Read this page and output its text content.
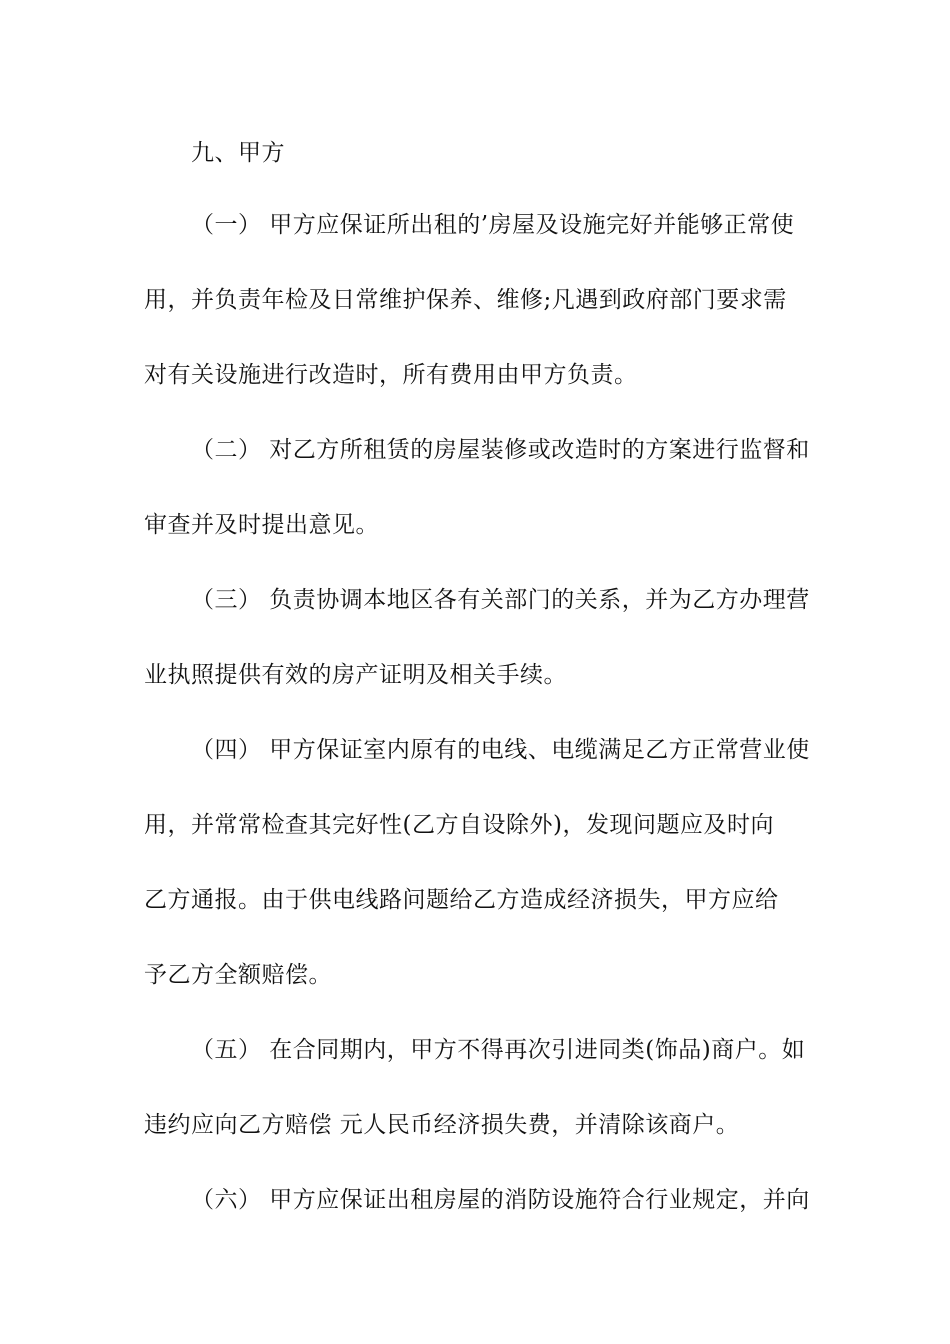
九、甲方
（一） 甲方应保证所出租的’房屋及设施完好并能够正常使
用，并负责年检及日常维护保养、维修;凡遇到政府部门要求需
对有关设施进行改造时，所有费用由甲方负责。
（二） 对乙方所租赁的房屋装修或改造时的方案进行监督和
审查并及时提出意见。
（三） 负责协调本地区各有关部门的关系，并为乙方办理营
业执照提供有效的房产证明及相关手续。
（四） 甲方保证室内原有的电线、电缆满足乙方正常营业使
用，并常常检查其完好性(乙方自设除外)，发现问题应及时向
乙方通报。由于供电线路问题给乙方造成经济损失，甲方应给
予乙方全额赔偿。
（五） 在合同期内，甲方不得再次引进同类(饰品)商户。如
违约应向乙方赔偿 元人民币经济损失费，并清除该商户。
（六） 甲方应保证出租房屋的消防设施符合行业规定，并向
